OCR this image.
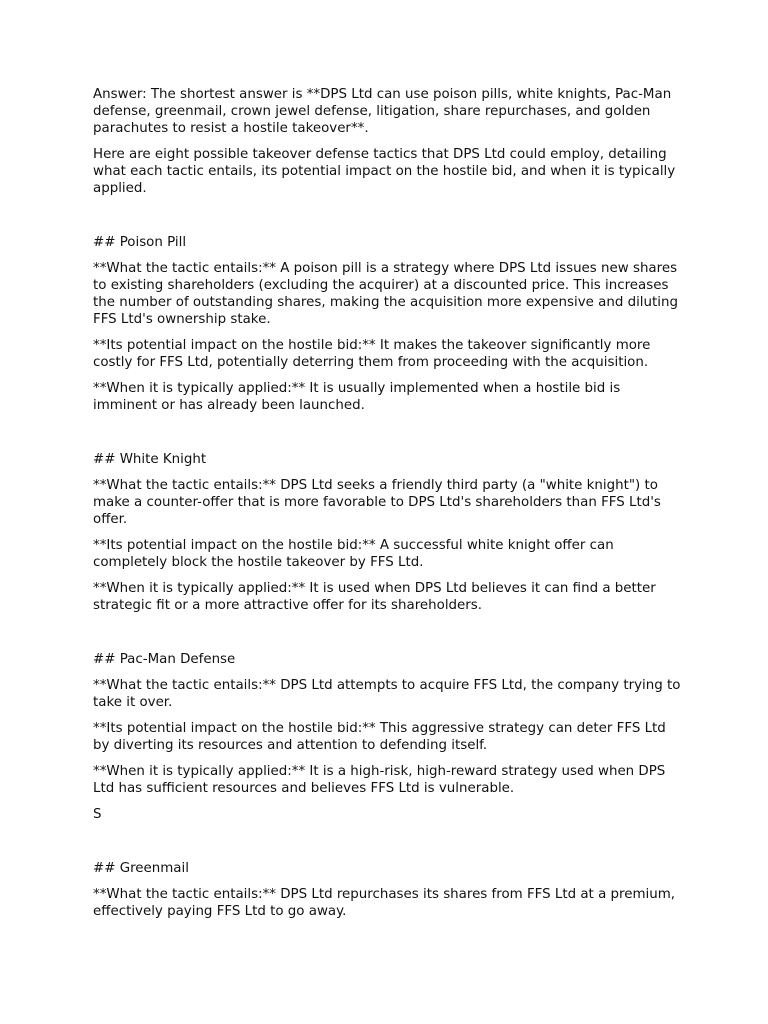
Answer: The shortest answer is **DPS Ltd can use poison pills, white knights, Pac-Man defense, greenmail, crown jewel defense, litigation, share repurchases, and golden parachutes to resist a hostile takeover**.

Here are eight possible takeover defense tactics that DPS Ltd could employ, detailing what each tactic entails, its potential impact on the hostile bid, and when it is typically applied.

## Poison Pill

**What the tactic entails:** A poison pill is a strategy where DPS Ltd issues new shares to existing shareholders (excluding the acquirer) at a discounted price. This increases the number of outstanding shares, making the acquisition more expensive and diluting FFS Ltd's ownership stake.

**Its potential impact on the hostile bid:** It makes the takeover significantly more costly for FFS Ltd, potentially deterring them from proceeding with the acquisition.

**When it is typically applied:** It is usually implemented when a hostile bid is imminent or has already been launched.

## White Knight

**What the tactic entails:** DPS Ltd seeks a friendly third party (a "white knight") to make a counter-offer that is more favorable to DPS Ltd's shareholders than FFS Ltd's offer.

**Its potential impact on the hostile bid:** A successful white knight offer can completely block the hostile takeover by FFS Ltd.

**When it is typically applied:** It is used when DPS Ltd believes it can find a better strategic fit or a more attractive offer for its shareholders.

## Pac-Man Defense

**What the tactic entails:** DPS Ltd attempts to acquire FFS Ltd, the company trying to take it over.

**Its potential impact on the hostile bid:** This aggressive strategy can deter FFS Ltd by diverting its resources and attention to defending itself.

**When it is typically applied:** It is a high-risk, high-reward strategy used when DPS Ltd has sufficient resources and believes FFS Ltd is vulnerable.

S

## Greenmail

**What the tactic entails:** DPS Ltd repurchases its shares from FFS Ltd at a premium, effectively paying FFS Ltd to go away.
